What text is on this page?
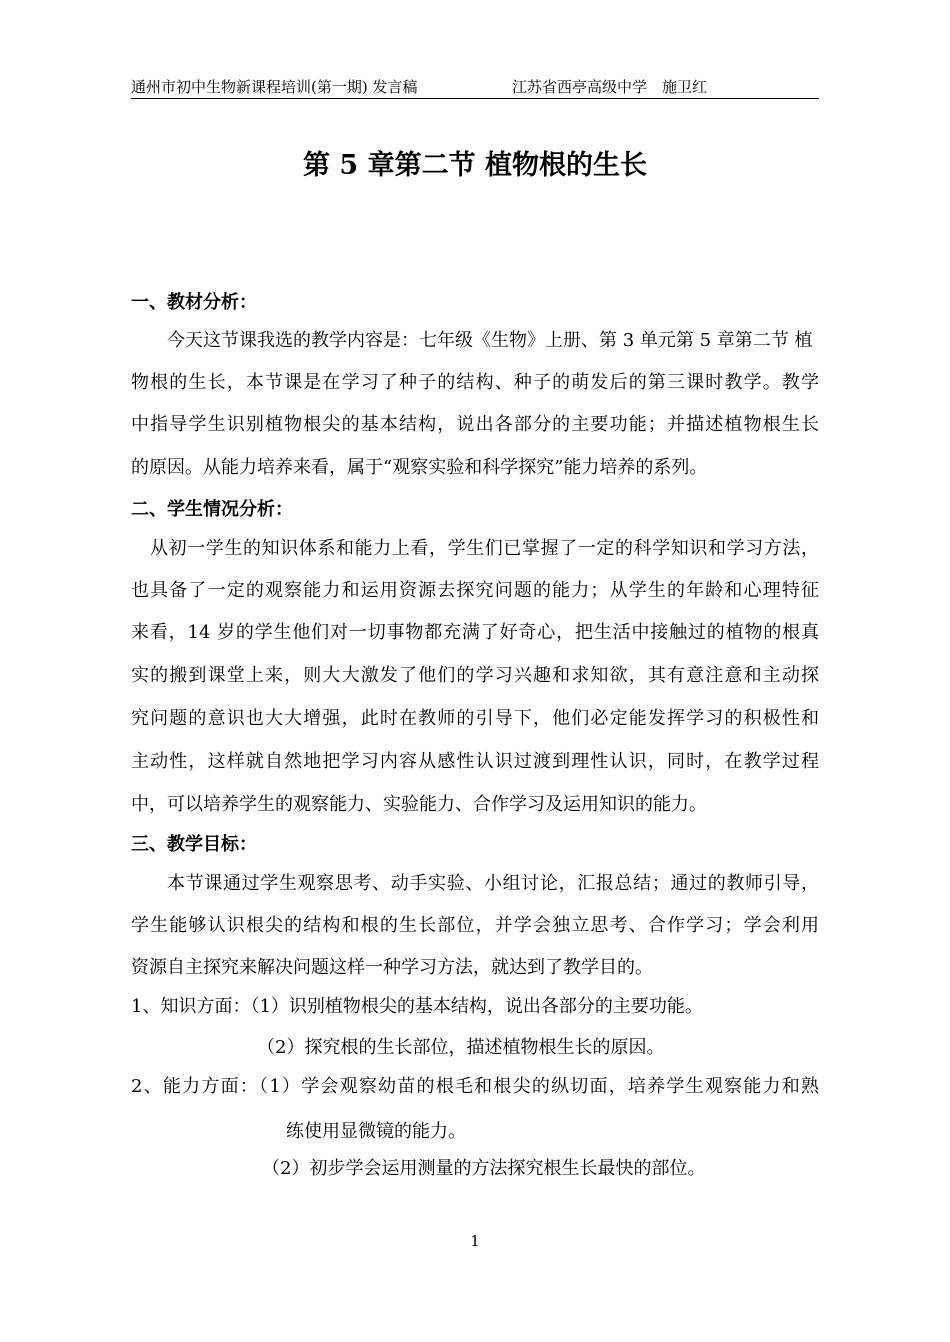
通州市初中生物新课程培训(第一期) 发言稿	江苏省西亭高级中学　施卫红
第 5 章第二节 植物根的生长
一、教材分析：
今天这节课我选的教学内容是：七年级《生物》上册、第 3 单元第 5 章第二节 植
物根的生长，本节课是在学习了种子的结构、种子的萌发后的第三课时教学。教学
中指导学生识别植物根尖的基本结构，说出各部分的主要功能；并描述植物根生长
的原因。从能力培养来看，属于“观察实验和科学探究”能力培养的系列。
二、学生情况分析：
从初一学生的知识体系和能力上看，学生们已掌握了一定的科学知识和学习方法，
也具备了一定的观察能力和运用资源去探究问题的能力；从学生的年龄和心理特征
来看，14 岁的学生他们对一切事物都充满了好奇心，把生活中接触过的植物的根真
实的搬到课堂上来，则大大激发了他们的学习兴趣和求知欲，其有意注意和主动探
究问题的意识也大大增强，此时在教师的引导下，他们必定能发挥学习的积极性和
主动性，这样就自然地把学习内容从感性认识过渡到理性认识，同时，在教学过程
中，可以培养学生的观察能力、实验能力、合作学习及运用知识的能力。
三、教学目标：
本节课通过学生观察思考、动手实验、小组讨论，汇报总结；通过的教师引导，
学生能够认识根尖的结构和根的生长部位，并学会独立思考、合作学习；学会利用
资源自主探究来解决问题这样一种学习方法，就达到了教学目的。
1、知识方面：（1）识别植物根尖的基本结构，说出各部分的主要功能。
（2）探究根的生长部位，描述植物根生长的原因。
2、能力方面：（1）学会观察幼苗的根毛和根尖的纵切面，培养学生观察能力和熟
练使用显微镜的能力。
（2）初步学会运用测量的方法探究根生长最快的部位。
1
